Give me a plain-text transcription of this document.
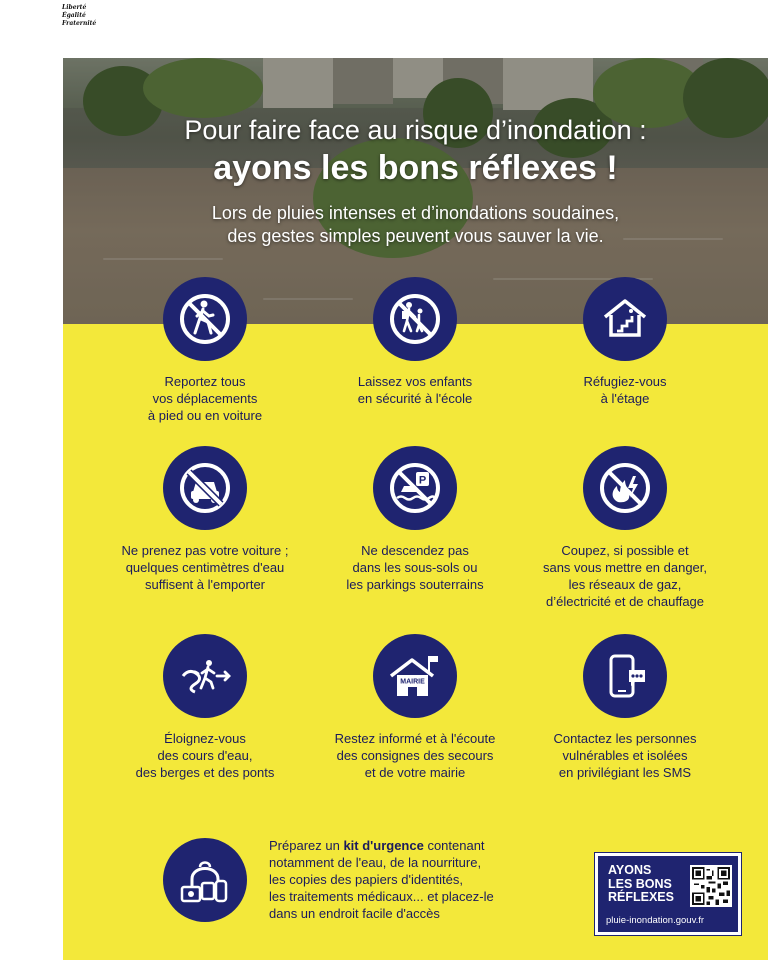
Liberté
Égalité
Fraternité
Pour faire face au risque d’inondation :
ayons les bons réflexes !
Lors de pluies intenses et d’inondations soudaines,
des gestes simples peuvent vous sauver la vie.
Reportez tous
vos déplacements
à pied ou en voiture
Laissez vos enfants
en sécurité à l'école
Réfugiez-vous
à l'étage
Ne prenez pas votre voiture ;
quelques centimètres d'eau
suffisent à l'emporter
P
Ne descendez pas
dans les sous-sols ou
les parkings souterrains
Coupez, si possible et
sans vous mettre en danger,
les réseaux de gaz,
d’électricité et de chauffage
Éloignez-vous
des cours d'eau,
des berges et des ponts
MAIRIE
Restez informé et à l'écoute
des consignes des secours
et de votre mairie
Contactez les personnes
vulnérables et isolées
en privilégiant les SMS
Préparez un kit d'urgence contenant
notamment de l'eau, de la nourriture,
les copies des papiers d'identités,
les traitements médicaux... et placez-le
dans un endroit facile d'accès
AYONS
LES BONS
RÉFLEXES
pluie-inondation.gouv.fr
